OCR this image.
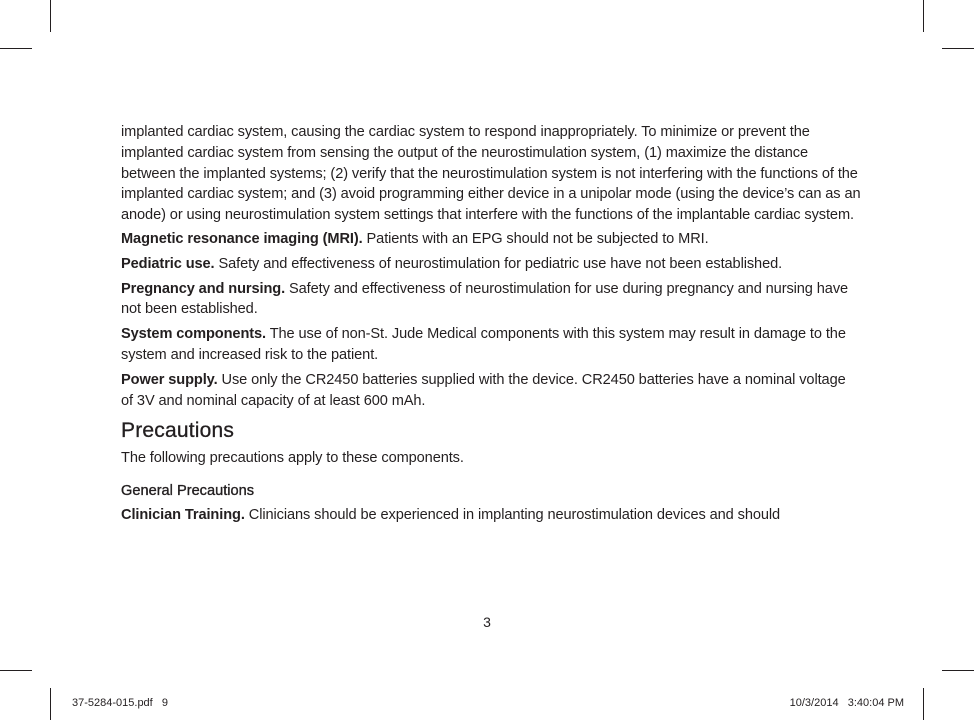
implanted cardiac system, causing the cardiac system to respond inappropriately. To minimize or prevent the implanted cardiac system from sensing the output of the neurostimulation system, (1) maximize the distance between the implanted systems; (2) verify that the neurostimulation system is not interfering with the functions of the implanted cardiac system; and (3) avoid programming either device in a unipolar mode (using the device’s can as an anode) or using neurostimulation system settings that interfere with the functions of the implantable cardiac system.

Magnetic resonance imaging (MRI). Patients with an EPG should not be subjected to MRI.

Pediatric use. Safety and effectiveness of neurostimulation for pediatric use have not been established.

Pregnancy and nursing. Safety and effectiveness of neurostimulation for use during pregnancy and nursing have not been established.

System components. The use of non-St. Jude Medical components with this system may result in damage to the system and increased risk to the patient.

Power supply. Use only the CR2450 batteries supplied with the device. CR2450 batteries have a nominal voltage of 3V and nominal capacity of at least 600 mAh.

Precautions

The following precautions apply to these components.

General Precautions

Clinician Training. Clinicians should be experienced in implanting neurostimulation devices and should

3
37-5284-015.pdf   9	10/3/2014   3:40:04 PM
